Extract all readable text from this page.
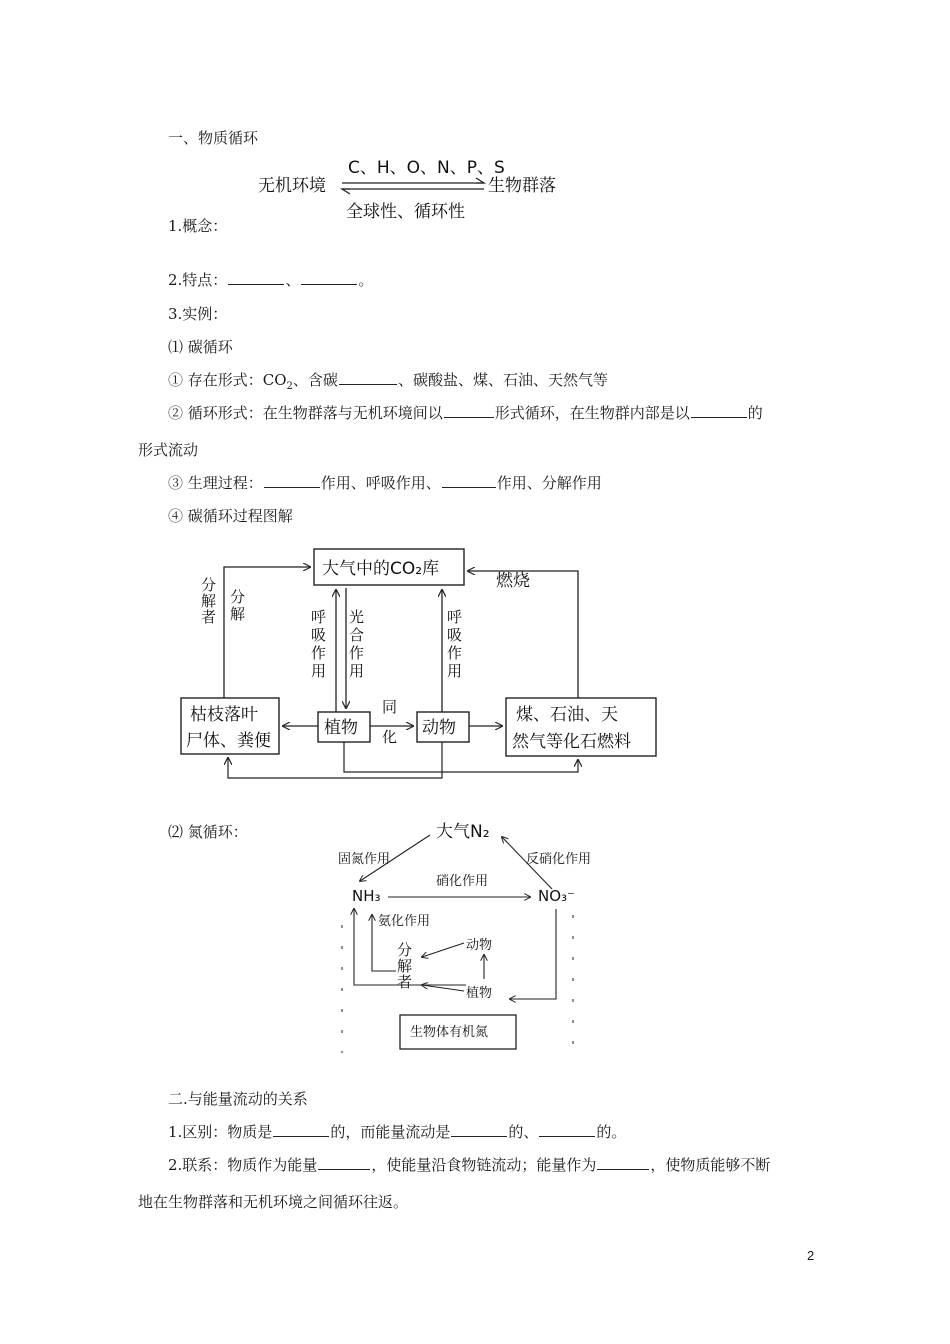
一、物质循环
无机环境
C、H、O、N、P、S
生物群落
全球性、循环性
1.概念：
2.特点：	、	。
3.实例：
⑴ 碳循环
① 存在形式：$CO_2$、含碳	、碳酸盐、煤、石油、天然气等
② 循环形式：在生物群落与无机环境间以	形式循环，在生物群内部是以	的
形式流动
③ 生理过程：	作用、呼吸作用、	作用、分解作用
④ 碳循环过程图解
大气中的CO₂库
枯枝落叶
尸体、粪便
植物	动物
煤、石油、天
然气等化石燃料
分
解
者
分
解	呼
吸
作
用
光
合
作
用
呼
吸
作
用
燃烧
同
化
⑵ 氮循环：	大气N₂
固氮作用	反硝化作用
NH₃	NO₃⁻
硝化作用
氨化作用
分
解
者
动物
植物
生物体有机氮
二.与能量流动的关系
1.区别：物质是	的，而能量流动是	的、	的。
2.联系：物质作为能量	，使能量沿食物链流动；能量作为	，使物质能够不断
地在生物群落和无机环境之间循环往返。
2
